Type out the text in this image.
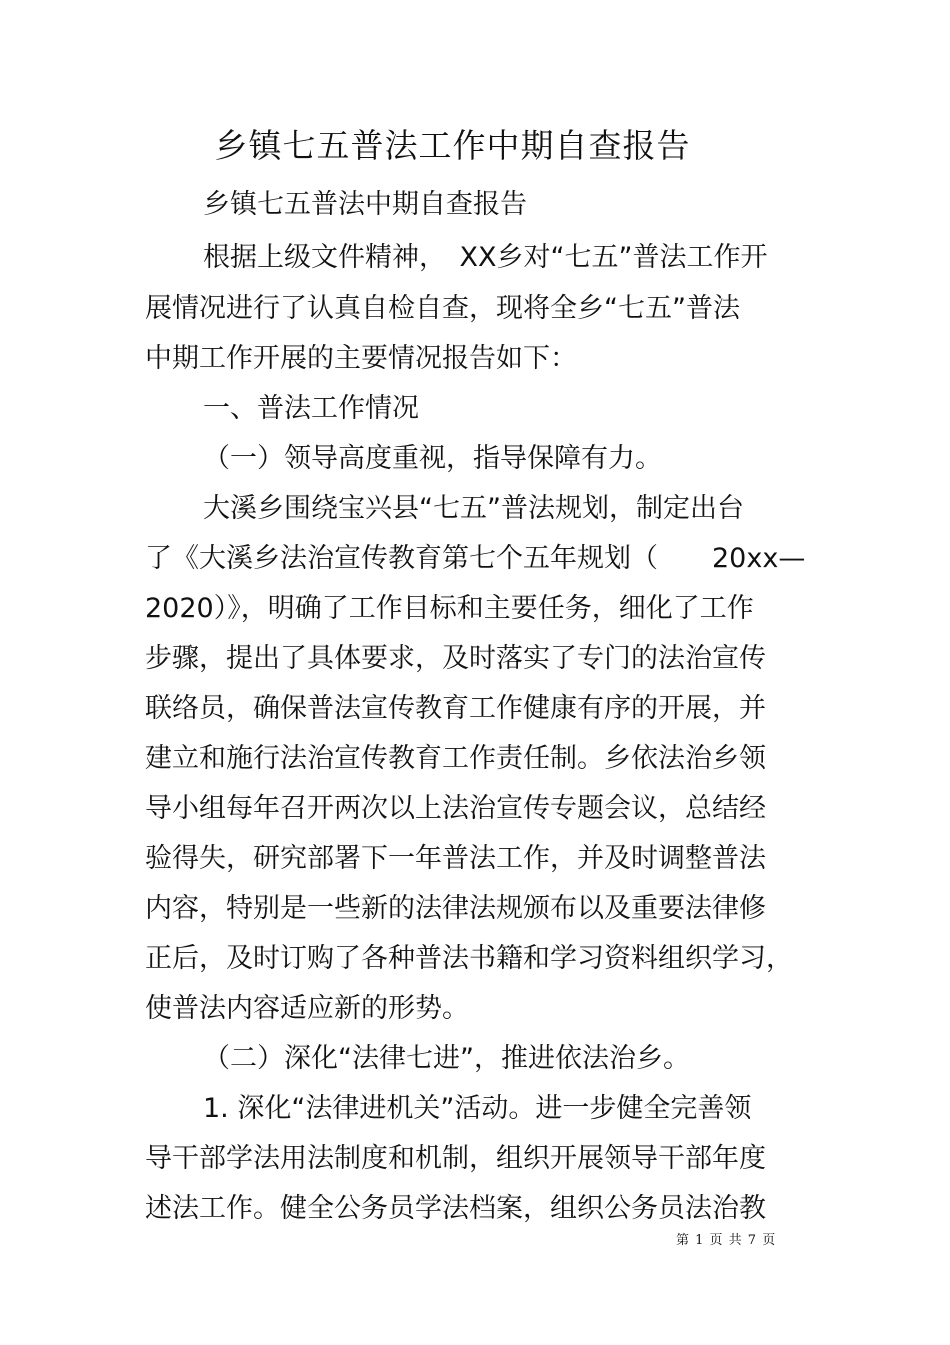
乡镇七五普法工作中期自查报告

乡镇七五普法中期自查报告

根据上级文件精神，　XX乡对“七五”普法工作开

展情况进行了认真自检自查，现将全乡“七五”普法

中期工作开展的主要情况报告如下：

一、普法工作情况

（一）领导高度重视，指导保障有力。

大溪乡围绕宝兴县“七五”普法规划，制定出台

了《大溪乡法治宣传教育第七个五年规划（　　20xx—

2020）》，明确了工作目标和主要任务，细化了工作

步骤，提出了具体要求，及时落实了专门的法治宣传

联络员，确保普法宣传教育工作健康有序的开展，并

建立和施行法治宣传教育工作责任制。乡依法治乡领

导小组每年召开两次以上法治宣传专题会议，总结经

验得失，研究部署下一年普法工作，并及时调整普法

内容，特别是一些新的法律法规颁布以及重要法律修

正后，及时订购了各种普法书籍和学习资料组织学习，

使普法内容适应新的形势。

（二）深化“法律七进”，推进依法治乡。

1. 深化“法律进机关”活动。进一步健全完善领

导干部学法用法制度和机制，组织开展领导干部年度

述法工作。健全公务员学法档案，组织公务员法治教

第 1 页 共 7 页
